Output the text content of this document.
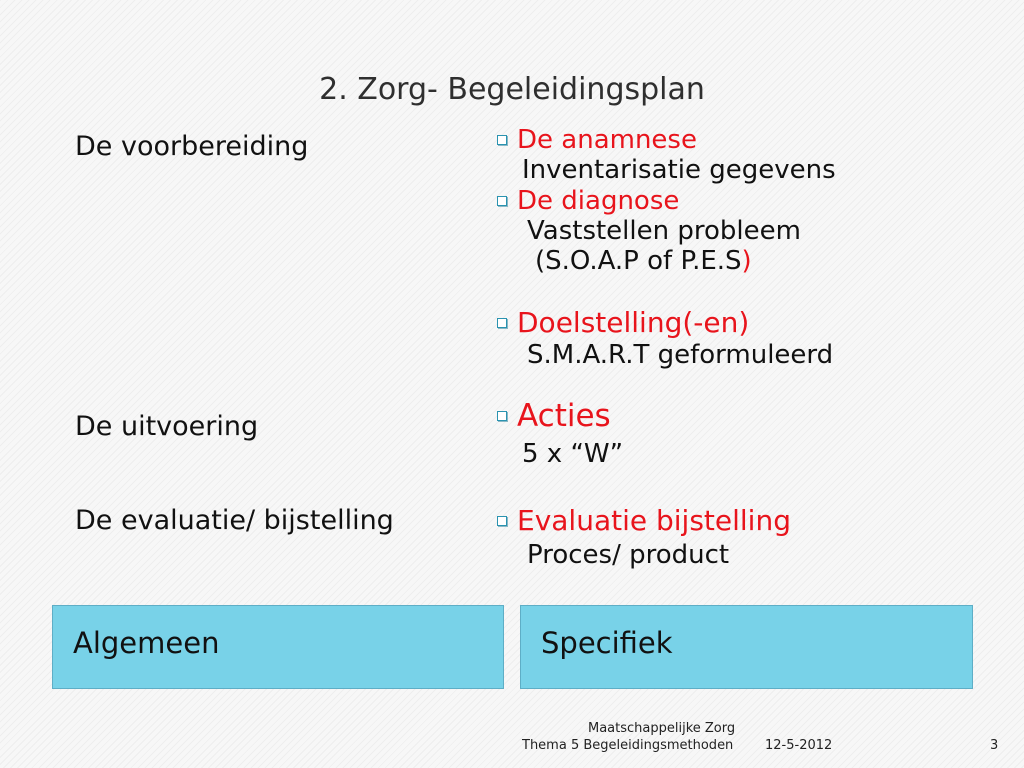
2. Zorg- Begeleidingsplan
De voorbereiding
De uitvoering
De evaluatie/ bijstelling
De anamnese
Inventarisatie gegevens
De diagnose
Vaststellen probleem
(S.O.A.P of P.E.S)
Doelstelling(-en)
S.M.A.R.T geformuleerd
Acties
5 x “W”
Evaluatie bijstelling
Proces/ product
Algemeen	Specifiek
Maatschappelijke Zorg
Thema 5 Begeleidingsmethoden 12-5-2012	3
